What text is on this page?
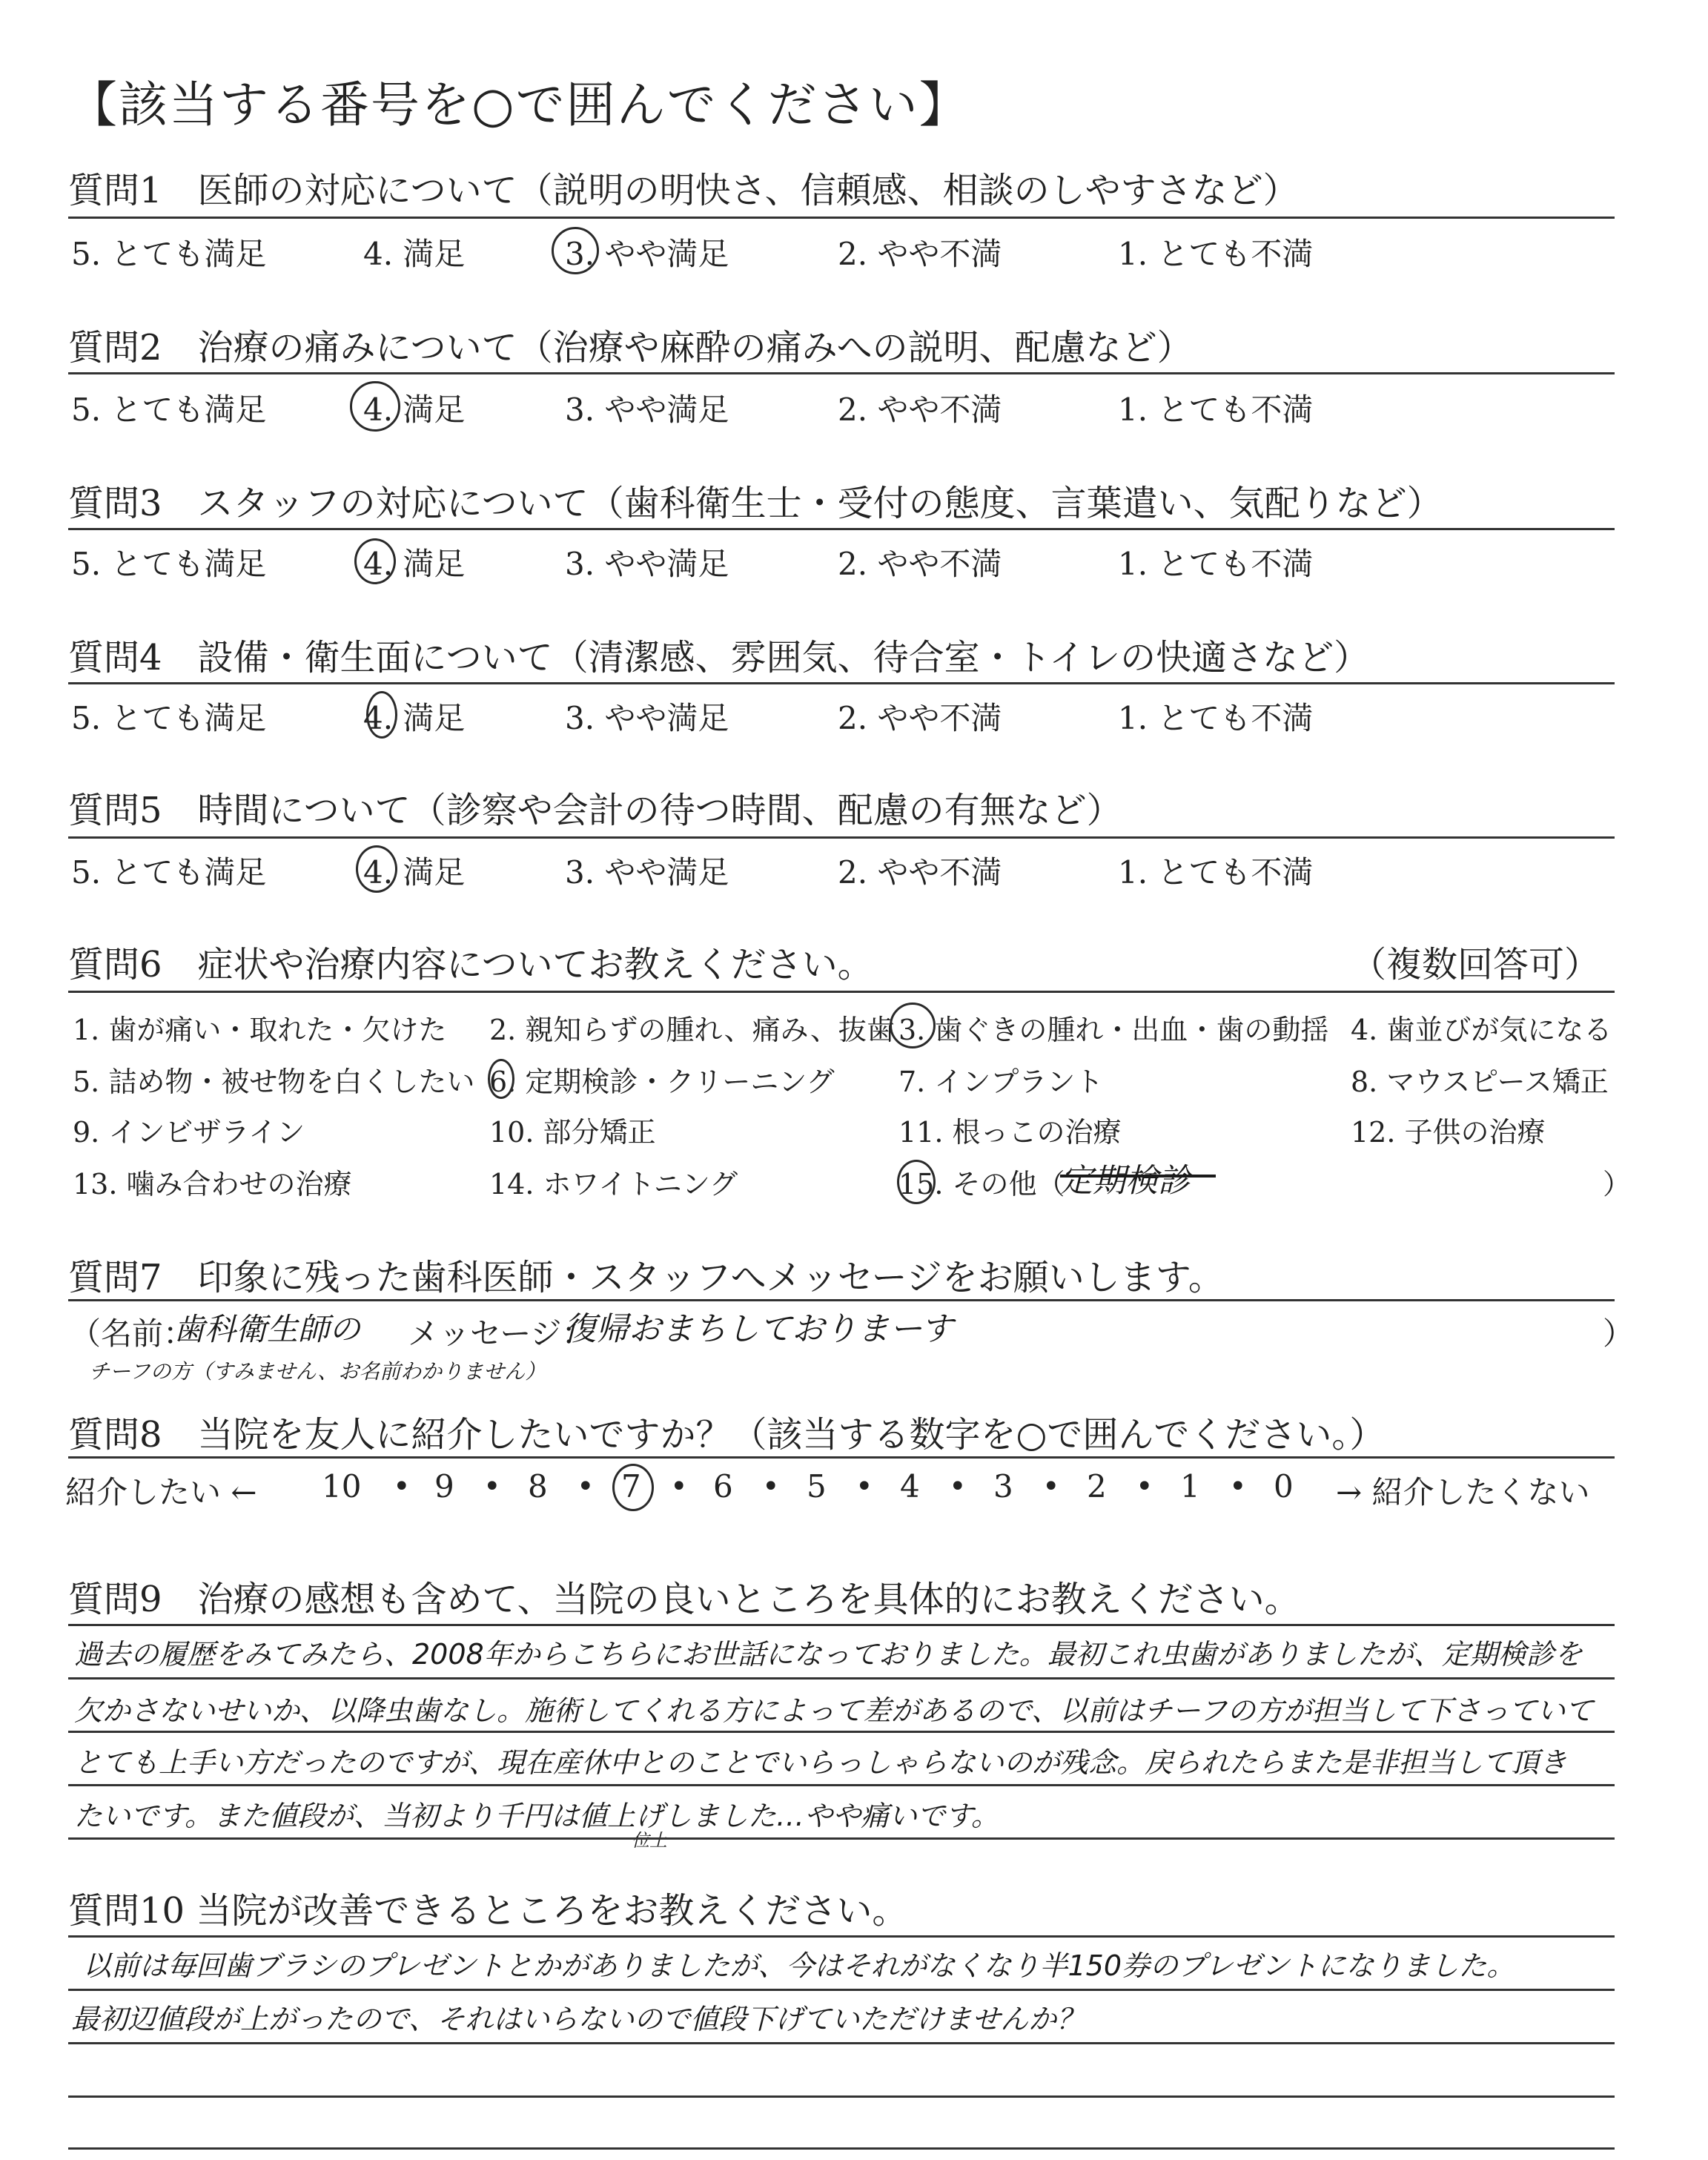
【該当する番号を○で囲んでください】
質問1　医師の対応について（説明の明快さ、信頼感、相談のしやすさなど）
5. とても満足	4. 満足	3. やや満足	2. やや不満	1. とても不満
質問2　治療の痛みについて（治療や麻酔の痛みへの説明、配慮など）
5. とても満足	4. 満足	3. やや満足	2. やや不満	1. とても不満
質問3　スタッフの対応について（歯科衛生士・受付の態度、言葉遣い、気配りなど）
5. とても満足	4. 満足	3. やや満足	2. やや不満	1. とても不満
質問4　設備・衛生面について（清潔感、雰囲気、待合室・トイレの快適さなど）
5. とても満足	4. 満足	3. やや満足	2. やや不満	1. とても不満
質問5　時間について（診察や会計の待つ時間、配慮の有無など）
5. とても満足	4. 満足	3. やや満足	2. やや不満	1. とても不満
質問6　症状や治療内容についてお教えください。	（複数回答可）
1. 歯が痛い・取れた・欠けた 2. 親知らずの腫れ、痛み、抜歯 3. 歯ぐきの腫れ・出血・歯の動揺 4. 歯並びが気になる
5. 詰め物・被せ物を白くしたい 6. 定期検診・クリーニング 7. インプラント	8. マウスピース矯正
9. インビザライン	10. 部分矯正	11. 根っこの治療	12. 子供の治療
13. 噛み合わせの治療	14. ホワイトニング	15. その他（
定期検診	）
質問7　印象に残った歯科医師・スタッフへメッセージをお願いします。
（名前：
歯科衛生師の メッセージ：
復帰おまちしておりまーす	）
チーフの方（すみません、お名前わかりません）
質問8　当院を友人に紹介したいですか？（該当する数字を○で囲んでください。）
紹介したい ←	→ 紹介したくない
10 • 9 • 8 • 7 • 6 • 5 • 4 • 3 • 2 • 1 • 0
質問9　治療の感想も含めて、当院の良いところを具体的にお教えください。
過去の履歴をみてみたら、2008年からこちらにお世話になっておりました。最初これ虫歯がありましたが、定期検診を
欠かさないせいか、以降虫歯なし。施術してくれる方によって差があるので、以前はチーフの方が担当して下さっていて
とても上手い方だったのですが、現在産休中とのことでいらっしゃらないのが残念。戻られたらまた是非担当して頂き
たいです。また値段が、当初より千円は値上げしました…やや痛いです。
位上
質問10 当院が改善できるところをお教えください。
以前は毎回歯ブラシのプレゼントとかがありましたが、今はそれがなくなり半150券のプレゼントになりました。
最初辺値段が上がったので、それはいらないので値段下げていただけませんか？
